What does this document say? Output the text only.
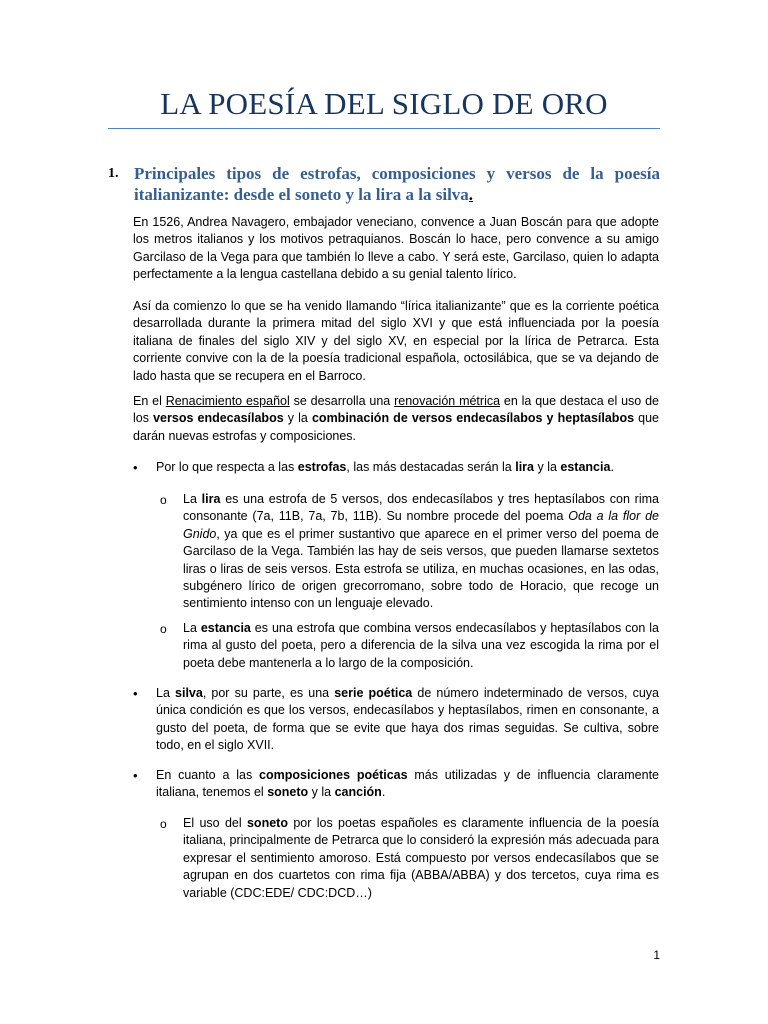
LA POESÍA DEL SIGLO DE ORO
1. Principales tipos de estrofas, composiciones y versos de la poesía italianizante: desde el soneto y la lira a la silva.
En 1526, Andrea Navagero, embajador veneciano, convence a Juan Boscán para que adopte los metros italianos y los motivos petraquianos. Boscán lo hace, pero convence a su amigo Garcilaso de la Vega para que también lo lleve a cabo. Y será este, Garcilaso, quien lo adapta perfectamente a la lengua castellana debido a su genial talento lírico.
Así da comienzo lo que se ha venido llamando “lírica italianizante” que es la corriente poética desarrollada durante la primera mitad del siglo XVI y que está influenciada por la poesía italiana de finales del siglo XIV y del siglo XV, en especial por la lírica de Petrarca. Esta corriente convive con la de la poesía tradicional española, octosilábica, que se va dejando de lado hasta que se recupera en el Barroco.
En el Renacimiento español se desarrolla una renovación métrica en la que destaca el uso de los versos endecasílabos y la combinación de versos endecasílabos y heptasílabos que darán nuevas estrofas y composiciones.
• Por lo que respecta a las estrofas, las más destacadas serán la lira y la estancia.
o La lira es una estrofa de 5 versos, dos endecasílabos y tres heptasílabos con rima consonante (7a, 11B, 7a, 7b, 11B). Su nombre procede del poema Oda a la flor de Gnido, ya que es el primer sustantivo que aparece en el primer verso del poema de Garcilaso de la Vega. También las hay de seis versos, que pueden llamarse sextetos liras o liras de seis versos. Esta estrofa se utiliza, en muchas ocasiones, en las odas, subgénero lírico de origen grecorromano, sobre todo de Horacio, que recoge un sentimiento intenso con un lenguaje elevado.
o La estancia es una estrofa que combina versos endecasílabos y heptasílabos con la rima al gusto del poeta, pero a diferencia de la silva una vez escogida la rima por el poeta debe mantenerla a lo largo de la composición.
• La silva, por su parte, es una serie poética de número indeterminado de versos, cuya única condición es que los versos, endecasílabos y heptasílabos, rimen en consonante, a gusto del poeta, de forma que se evite que haya dos rimas seguidas. Se cultiva, sobre todo, en el siglo XVII.
• En cuanto a las composiciones poéticas más utilizadas y de influencia claramente italiana, tenemos el soneto y la canción.
o El uso del soneto por los poetas españoles es claramente influencia de la poesía italiana, principalmente de Petrarca que lo consideró la expresión más adecuada para expresar el sentimiento amoroso. Está compuesto por versos endecasílabos que se agrupan en dos cuartetos con rima fija (ABBA/ABBA) y dos tercetos, cuya rima es variable (CDC:EDE/ CDC:DCD…)
1
